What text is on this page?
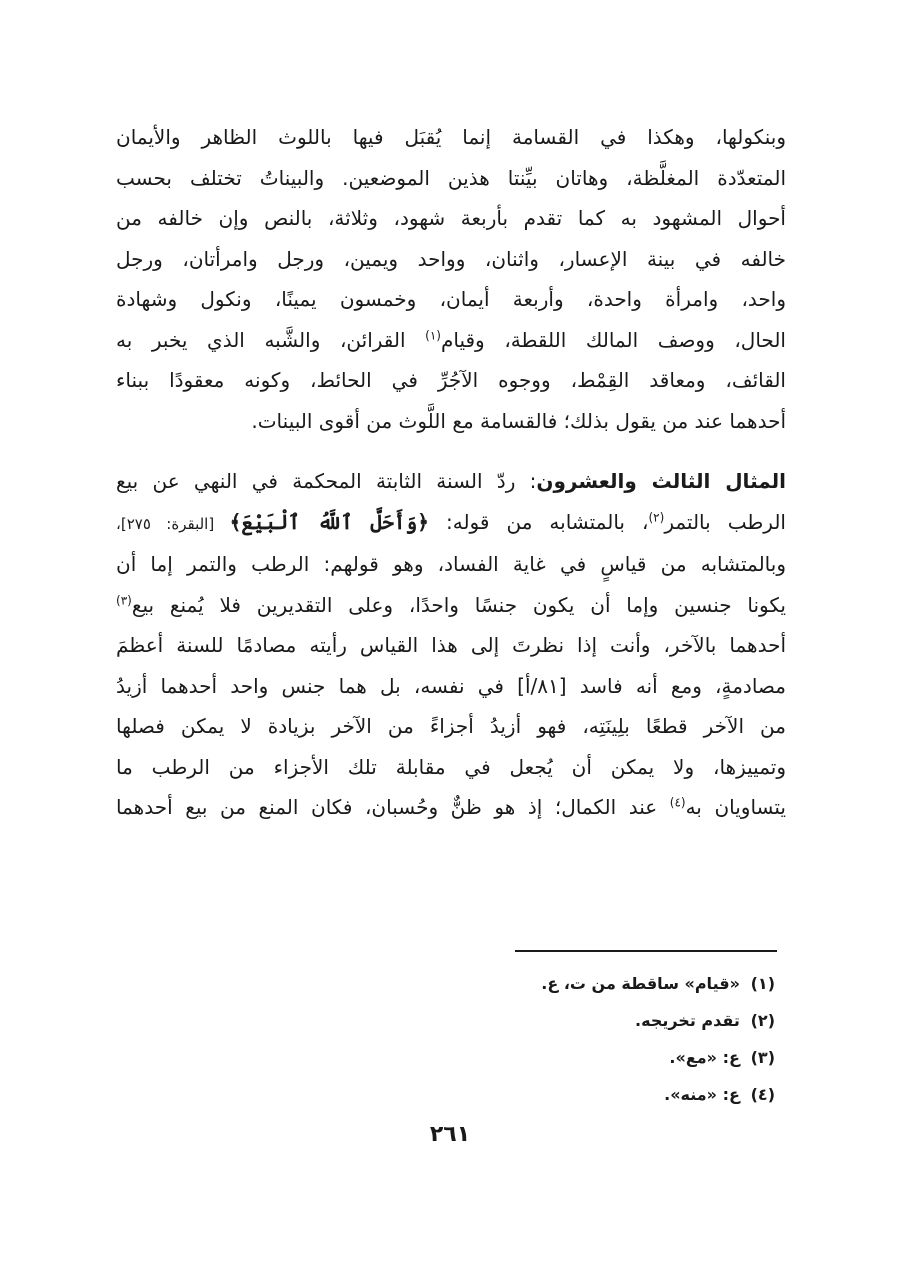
وبنكولها، وهكذا في القسامة إنما يُقبَل فيها باللوث الظاهر والأيمان
المتعدّدة المغلَّظة، وهاتان بيِّنتا هذين الموضعين. والبيناتُ تختلف بحسب
أحوال المشهود به كما تقدم بأربعة شهود، وثلاثة، بالنص وإن خالفه من
خالفه في بينة الإعسار، واثنان، وواحد ويمين، ورجل وامرأتان، ورجل
واحد، وامرأة واحدة، وأربعة أيمان، وخمسون يمينًا، ونكول وشهادة
الحال، ووصف المالك اللقطة، وقيام$^{(١)}$ القرائن، والشَّبه الذي يخبر به
القائف، ومعاقد القِمْط، ووجوه الآجُرِّ في الحائط، وكونه معقودًا ببناء
أحدهما عند من يقول بذلك؛ فالقسامة مع اللَّوث من أقوى البينات.

المثال الثالث والعشرون: ردّ السنة الثابتة المحكمة في النهي عن بيع
الرطب بالتمر$^{(٢)}$، بالمتشابه من قوله: ﴿وَأَحَلَّ ٱللَّهُ ٱلْبَيْعَ﴾ [البقرة: ٢٧٥]،
وبالمتشابه من قياسٍ في غاية الفساد، وهو قولهم: الرطب والتمر إما أن
يكونا جنسين وإما أن يكون جنسًا واحدًا، وعلى التقديرين فلا يُمنع بيع$^{(٣)}$
أحدهما بالآخر، وأنت إذا نظرتَ إلى هذا القياس رأيته مصادمًا للسنة أعظمَ
مصادمةٍ، ومع أنه فاسد [٨١/أ] في نفسه، بل هما جنس واحد أحدهما أزيدُ
من الآخر قطعًا بلِينَتِه، فهو أزيدُ أجزاءً من الآخر بزيادة لا يمكن فصلها
وتمييزها، ولا يمكن أن يُجعل في مقابلة تلك الأجزاء من الرطب ما
يتساويان به$^{(٤)}$ عند الكمال؛ إذ هو ظنٌّ وحُسبان، فكان المنع من بيع أحدهما

(١) «قيام» ساقطة من ت، ع.
(٢) تقدم تخريجه.
(٣) ع: «مع».
(٤) ع: «منه».
٢٦١
